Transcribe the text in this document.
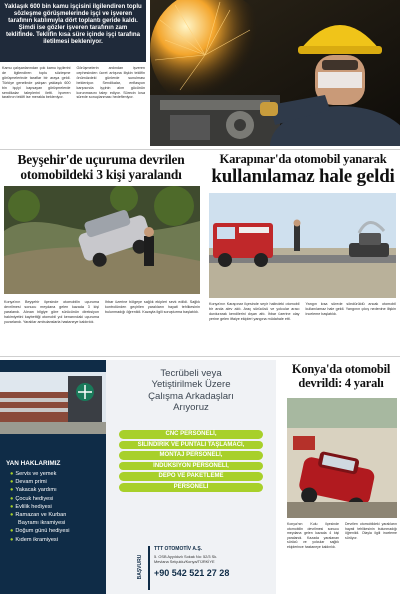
Yaklaşık 600 bin kamu işçisini ilgilendiren toplu sözleşme görüşmelerinde işçi ve işveren tarafının katılımıyla dört toplantı geride kaldı. Şimdi ise gözler işveren tarafının zam teklifinde. Teklifin kısa süre içinde işçi tarafına iletilmesi bekleniyor.

Kamu çalışanlarından çok kamu işçilerini de ilgilendiren toplu sözleşme görüşmelerinde taraflar bir araya geldi. Türkiye genelinde çalışan yaklaşık 600 bin işçiyi kapsayan görüşmelerde sendikalar taleplerini iletti. İşveren tarafının teklifi ise merakla bekleniyor.

Görüşmelerin ardından işveren cephesinden ücret artışına ilişkin teklifin önümüzdeki günlerde sunulması bekleniyor. Sendikalar, enflasyon karşısında işçinin alım gücünün korunmasını talep ediyor. Sürecin kısa sürede sonuçlanması hedefleniyor.

Beyşehir'de uçuruma devrilen
otomobildeki 3 kişi yaralandı

Konya'nın Beyşehir ilçesinde otomobilin uçuruma devrilmesi sonucu meydana gelen kazada 3 kişi yaralandı. Alınan bilgiye göre sürücünün direksiyon hakimiyetini kaybettiği otomobil yol kenarındaki uçuruma yuvarlandı. Yaralılar ambulanslarla hastaneye kaldırıldı.

İhbar üzerine bölgeye sağlık ekipleri sevk edildi. Sağlık kontrolünden geçirilen yaralıların hayati tehlikesinin bulunmadığı öğrenildi. Kazayla ilgili soruşturma başlatıldı.

Karapınar'da otomobil yanarak
kullanılamaz hale geldi

Konya'nın Karapınar ilçesinde seyir halindeki otomobil bir anda alev aldı. Araç sürücüsü ve yolcular aracı durdurarak kendilerini dışarı attı. İhbar üzerine olay yerine gelen itfaiye ekipleri yangına müdahale etti.

Yangın kısa sürede söndürüldü ancak otomobil kullanılamaz hale geldi. Yangının çıkış nedenine ilişkin inceleme başlatıldı.

YAN HAKLARIMIZ
● Servis ve yemek
● Devam primi
● Yakacak yardımı
● Çocuk hediyesi
● Evlilik hediyesi
● Ramazan ve Kurban
Bayramı ikramiyesi
● Doğum günü hediyesi
● Kıdem ikramiyesi
Tecrübeli veya
Yetiştirilmek Üzere
Çalışma Arkadaşları
Arıyoruz
CNC PERSONELİ,
SİLİNDİRİK VE PUNTALI TAŞLAMACI,
MONTAJ PERSONELİ,
İNDÜKSİYON PERSONELİ,
DEPO VE PAKETLEME
PERSONELİ
BAŞVURU
TTT OTOMOTİV A.Ş.
5. OSB Ayyıldızlı Sokak No: 52/3 Sk.
Mevlana Selçuklu/Konya/TÜRKİYE
+90 542 521 27 28
Konya'da otomobil
devrildi: 4 yaralı

Konya'nın Kulu ilçesinde otomobilin devrilmesi sonucu meydana gelen kazada 4 kişi yaralandı. Kazada yaralanan sürücü ve yolcular sağlık ekiplerince hastaneye kaldırıldı.

Devrilen otomobildeki yaralıların hayati tehlikesinin bulunmadığı öğrenildi. Olayla ilgili inceleme sürüyor.
